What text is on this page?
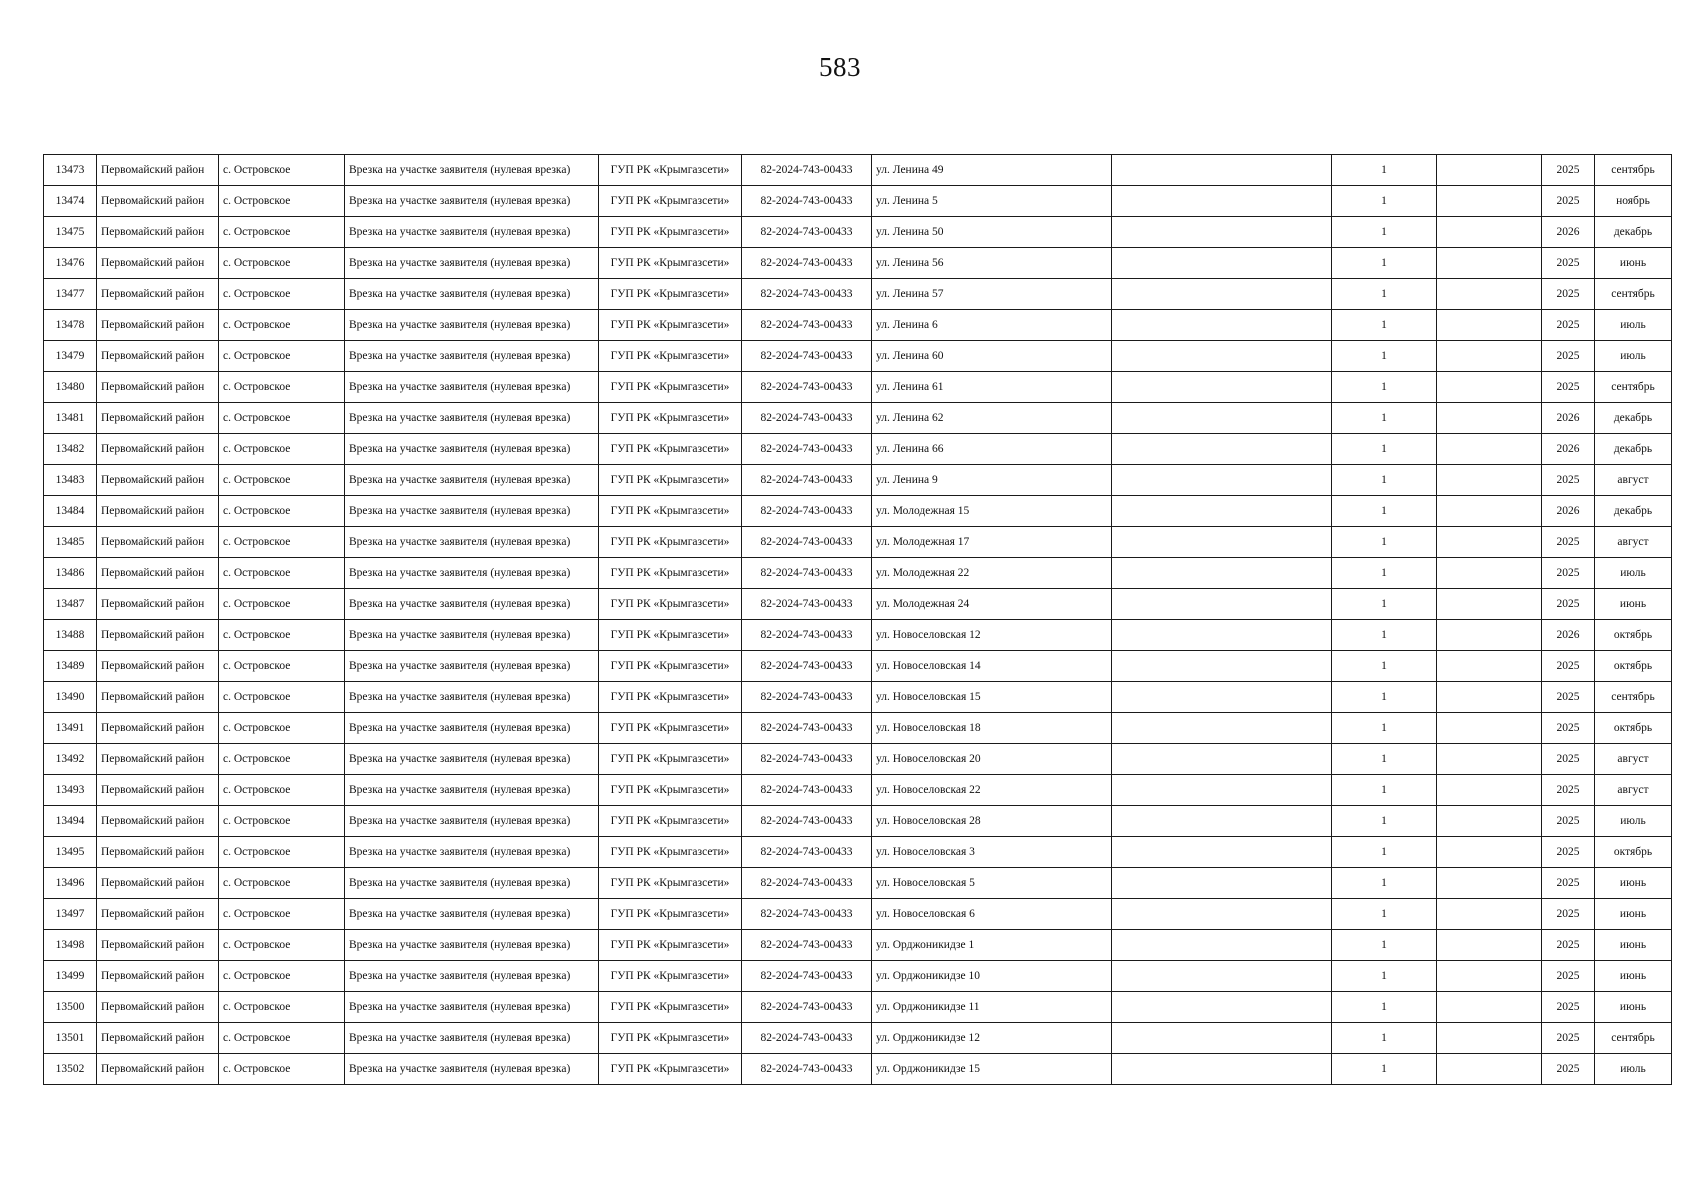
583
13473	Первомайский район	с. Островское	Врезка на участке заявителя (нулевая врезка)	ГУП РК «Крымгазсети»	82-2024-743-00433	ул. Ленина 49		1		2025	сентябрь
13474	Первомайский район	с. Островское	Врезка на участке заявителя (нулевая врезка)	ГУП РК «Крымгазсети»	82-2024-743-00433	ул. Ленина 5		1		2025	ноябрь
13475	Первомайский район	с. Островское	Врезка на участке заявителя (нулевая врезка)	ГУП РК «Крымгазсети»	82-2024-743-00433	ул. Ленина 50		1		2026	декабрь
13476	Первомайский район	с. Островское	Врезка на участке заявителя (нулевая врезка)	ГУП РК «Крымгазсети»	82-2024-743-00433	ул. Ленина 56		1		2025	июнь
13477	Первомайский район	с. Островское	Врезка на участке заявителя (нулевая врезка)	ГУП РК «Крымгазсети»	82-2024-743-00433	ул. Ленина 57		1		2025	сентябрь
13478	Первомайский район	с. Островское	Врезка на участке заявителя (нулевая врезка)	ГУП РК «Крымгазсети»	82-2024-743-00433	ул. Ленина 6		1		2025	июль
13479	Первомайский район	с. Островское	Врезка на участке заявителя (нулевая врезка)	ГУП РК «Крымгазсети»	82-2024-743-00433	ул. Ленина 60		1		2025	июль
13480	Первомайский район	с. Островское	Врезка на участке заявителя (нулевая врезка)	ГУП РК «Крымгазсети»	82-2024-743-00433	ул. Ленина 61		1		2025	сентябрь
13481	Первомайский район	с. Островское	Врезка на участке заявителя (нулевая врезка)	ГУП РК «Крымгазсети»	82-2024-743-00433	ул. Ленина 62		1		2026	декабрь
13482	Первомайский район	с. Островское	Врезка на участке заявителя (нулевая врезка)	ГУП РК «Крымгазсети»	82-2024-743-00433	ул. Ленина 66		1		2026	декабрь
13483	Первомайский район	с. Островское	Врезка на участке заявителя (нулевая врезка)	ГУП РК «Крымгазсети»	82-2024-743-00433	ул. Ленина 9		1		2025	август
13484	Первомайский район	с. Островское	Врезка на участке заявителя (нулевая врезка)	ГУП РК «Крымгазсети»	82-2024-743-00433	ул. Молодежная 15		1		2026	декабрь
13485	Первомайский район	с. Островское	Врезка на участке заявителя (нулевая врезка)	ГУП РК «Крымгазсети»	82-2024-743-00433	ул. Молодежная 17		1		2025	август
13486	Первомайский район	с. Островское	Врезка на участке заявителя (нулевая врезка)	ГУП РК «Крымгазсети»	82-2024-743-00433	ул. Молодежная 22		1		2025	июль
13487	Первомайский район	с. Островское	Врезка на участке заявителя (нулевая врезка)	ГУП РК «Крымгазсети»	82-2024-743-00433	ул. Молодежная 24		1		2025	июнь
13488	Первомайский район	с. Островское	Врезка на участке заявителя (нулевая врезка)	ГУП РК «Крымгазсети»	82-2024-743-00433	ул. Новоселовская 12		1		2026	октябрь
13489	Первомайский район	с. Островское	Врезка на участке заявителя (нулевая врезка)	ГУП РК «Крымгазсети»	82-2024-743-00433	ул. Новоселовская 14		1		2025	октябрь
13490	Первомайский район	с. Островское	Врезка на участке заявителя (нулевая врезка)	ГУП РК «Крымгазсети»	82-2024-743-00433	ул. Новоселовская 15		1		2025	сентябрь
13491	Первомайский район	с. Островское	Врезка на участке заявителя (нулевая врезка)	ГУП РК «Крымгазсети»	82-2024-743-00433	ул. Новоселовская 18		1		2025	октябрь
13492	Первомайский район	с. Островское	Врезка на участке заявителя (нулевая врезка)	ГУП РК «Крымгазсети»	82-2024-743-00433	ул. Новоселовская 20		1		2025	август
13493	Первомайский район	с. Островское	Врезка на участке заявителя (нулевая врезка)	ГУП РК «Крымгазсети»	82-2024-743-00433	ул. Новоселовская 22		1		2025	август
13494	Первомайский район	с. Островское	Врезка на участке заявителя (нулевая врезка)	ГУП РК «Крымгазсети»	82-2024-743-00433	ул. Новоселовская 28		1		2025	июль
13495	Первомайский район	с. Островское	Врезка на участке заявителя (нулевая врезка)	ГУП РК «Крымгазсети»	82-2024-743-00433	ул. Новоселовская 3		1		2025	октябрь
13496	Первомайский район	с. Островское	Врезка на участке заявителя (нулевая врезка)	ГУП РК «Крымгазсети»	82-2024-743-00433	ул. Новоселовская 5		1		2025	июнь
13497	Первомайский район	с. Островское	Врезка на участке заявителя (нулевая врезка)	ГУП РК «Крымгазсети»	82-2024-743-00433	ул. Новоселовская 6		1		2025	июнь
13498	Первомайский район	с. Островское	Врезка на участке заявителя (нулевая врезка)	ГУП РК «Крымгазсети»	82-2024-743-00433	ул. Орджоникидзе 1		1		2025	июнь
13499	Первомайский район	с. Островское	Врезка на участке заявителя (нулевая врезка)	ГУП РК «Крымгазсети»	82-2024-743-00433	ул. Орджоникидзе 10		1		2025	июнь
13500	Первомайский район	с. Островское	Врезка на участке заявителя (нулевая врезка)	ГУП РК «Крымгазсети»	82-2024-743-00433	ул. Орджоникидзе 11		1		2025	июнь
13501	Первомайский район	с. Островское	Врезка на участке заявителя (нулевая врезка)	ГУП РК «Крымгазсети»	82-2024-743-00433	ул. Орджоникидзе 12		1		2025	сентябрь
13502	Первомайский район	с. Островское	Врезка на участке заявителя (нулевая врезка)	ГУП РК «Крымгазсети»	82-2024-743-00433	ул. Орджоникидзе 15		1		2025	июль
